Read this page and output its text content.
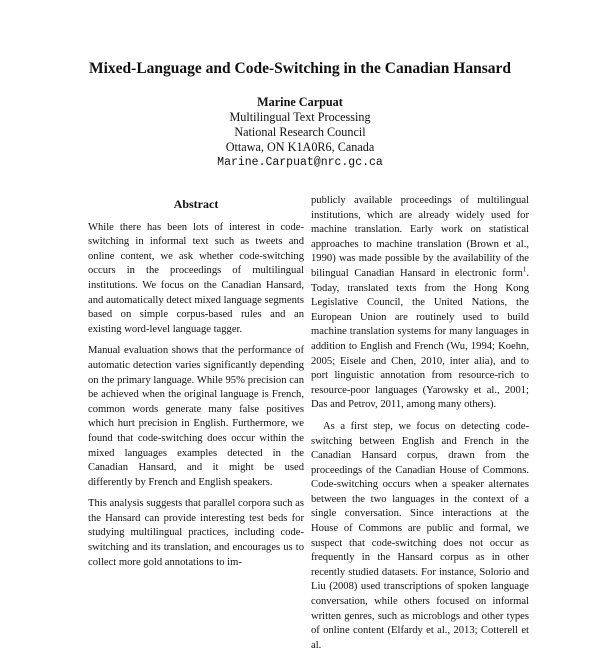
Mixed-Language and Code-Switching in the Canadian Hansard
Marine Carpuat
Multilingual Text Processing
National Research Council
Ottawa, ON K1A0R6, Canada
Marine.Carpuat@nrc.gc.ca
Abstract

While there has been lots of interest in code-switching in informal text such as tweets and online content, we ask whether code-switching occurs in the proceedings of multilingual institutions. We focus on the Canadian Hansard, and automatically detect mixed language segments based on simple corpus-based rules and an existing word-level language tagger.

Manual evaluation shows that the performance of automatic detection varies significantly depending on the primary language. While 95% precision can be achieved when the original language is French, common words generate many false positives which hurt precision in English. Furthermore, we found that code-switching does occur within the mixed languages examples detected in the Canadian Hansard, and it might be used differently by French and English speakers.

This analysis suggests that parallel corpora such as the Hansard can provide interesting test beds for studying multilingual practices, including code-switching and its translation, and encourages us to collect more gold annotations to im-

publicly available proceedings of multilingual institutions, which are already widely used for machine translation. Early work on statistical approaches to machine translation (Brown et al., 1990) was made possible by the availability of the bilingual Canadian Hansard in electronic form$^1$. Today, translated texts from the Hong Kong Legislative Council, the United Nations, the European Union are routinely used to build machine translation systems for many languages in addition to English and French (Wu, 1994; Koehn, 2005; Eisele and Chen, 2010, inter alia), and to port linguistic annotation from resource-rich to resource-poor languages (Yarowsky et al., 2001; Das and Petrov, 2011, among many others).

As a first step, we focus on detecting code-switching between English and French in the Canadian Hansard corpus, drawn from the proceedings of the Canadian House of Commons. Code-switching occurs when a speaker alternates between the two languages in the context of a single conversation. Since interactions at the House of Commons are public and formal, we suspect that code-switching does not occur as frequently in the Hansard corpus as in other recently studied datasets. For instance, Solorio and Liu (2008) used transcriptions of spoken language conversation, while others focused on informal written genres, such as microblogs and other types of online content (Elfardy et al., 2013; Cotterell et al.
